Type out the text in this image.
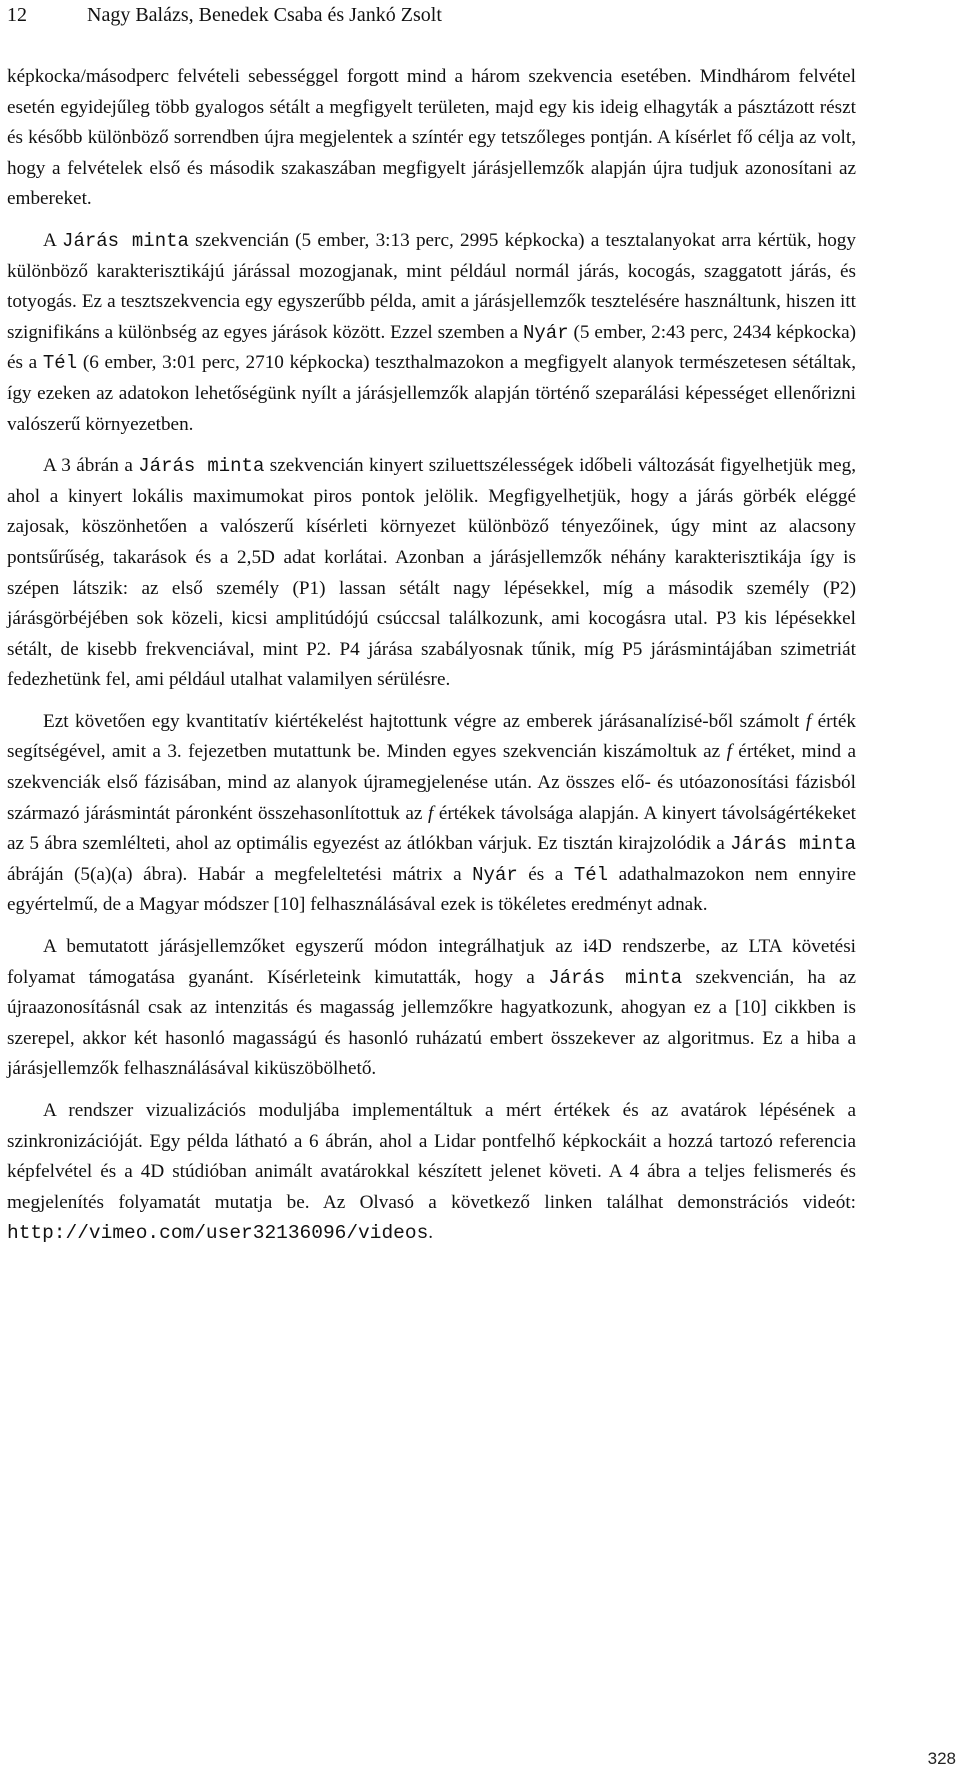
12	Nagy Balázs, Benedek Csaba és Jankó Zsolt

képkocka/másodperc felvételi sebességgel forgott mind a három szekvencia esetében. Mindhárom felvétel esetén egyidejűleg több gyalogos sétált a megfigyelt területen, majd egy kis ideig elhagyták a pásztázott részt és később különböző sorrendben újra megjelentek a színtér egy tetszőleges pontján. A kísérlet fő célja az volt, hogy a felvételek első és második szakaszában megfigyelt járásjellemzők alapján újra tudjuk azonosítani az embereket.

A Járás minta szekvencián (5 ember, 3:13 perc, 2995 képkocka) a tesztalanyokat arra kértük, hogy különböző karakterisztikájú járással mozogjanak, mint például normál járás, kocogás, szaggatott járás, és totyogás. Ez a tesztszekvencia egy egyszerűbb példa, amit a járásjellemzők tesztelésére használtunk, hiszen itt szignifikáns a különbség az egyes járások között. Ezzel szemben a Nyár (5 ember, 2:43 perc, 2434 képkocka) és a Tél (6 ember, 3:01 perc, 2710 képkocka) teszthalmazokon a megfigyelt alanyok természetesen sétáltak, így ezeken az adatokon lehetőségünk nyílt a járásjellemzők alapján történő szeparálási képességet ellenőrizni valószerű környezetben.

A 3 ábrán a Járás minta szekvencián kinyert sziluettszélességek időbeli változását figyelhetjük meg, ahol a kinyert lokális maximumokat piros pontok jelölik. Megfigyelhetjük, hogy a járás görbék eléggé zajosak, köszönhetően a valószerű kísérleti környezet különböző tényezőinek, úgy mint az alacsony pontsűrűség, takarások és a 2,5D adat korlátai. Azonban a járásjellemzők néhány karakterisztikája így is szépen látszik: az első személy (P1) lassan sétált nagy lépésekkel, míg a második személy (P2) járásgörbéjében sok közeli, kicsi amplitúdójú csúccsal találkozunk, ami kocogásra utal. P3 kis lépésekkel sétált, de kisebb frekvenciával, mint P2. P4 járása szabályosnak tűnik, míg P5 járásmintájában szimetriát fedezhetünk fel, ami például utalhat valamilyen sérülésre.

Ezt követően egy kvantitatív kiértékelést hajtottunk végre az emberek járásanalízisé-ből számolt f érték segítségével, amit a 3. fejezetben mutattunk be. Minden egyes szekvencián kiszámoltuk az f értéket, mind a szekvenciák első fázisában, mind az alanyok újramegjelenése után. Az összes elő- és utóazonosítási fázisból származó járásmintát páronként összehasonlítottuk az f értékek távolsága alapján. A kinyert távolságértékeket az 5 ábra szemlélteti, ahol az optimális egyezést az átlókban várjuk. Ez tisztán kirajzolódik a Járás minta ábráján (5(a)(a) ábra). Habár a megfeleltetési mátrix a Nyár és a Tél adathalmazokon nem ennyire egyértelmű, de a Magyar módszer [10] felhasználásával ezek is tökéletes eredményt adnak.

A bemutatott járásjellemzőket egyszerű módon integrálhatjuk az i4D rendszerbe, az LTA követési folyamat támogatása gyanánt. Kísérleteink kimutatták, hogy a Járás minta szekvencián, ha az újraazonosításnál csak az intenzitás és magasság jellemzőkre hagyatkozunk, ahogyan ez a [10] cikkben is szerepel, akkor két hasonló magasságú és hasonló ruházatú embert összekever az algoritmus. Ez a hiba a járásjellemzők felhasználásával kiküszöbölhető.

A rendszer vizualizációs moduljába implementáltuk a mért értékek és az avatárok lépésének a szinkronizációját. Egy példa látható a 6 ábrán, ahol a Lidar pontfelhő képkockáit a hozzá tartozó referencia képfelvétel és a 4D stúdióban animált avatárokkal készített jelenet követi. A 4 ábra a teljes felismerés és megjelenítés folyamatát mutatja be. Az Olvasó a következő linken találhat demonstrációs videót: http://vimeo.com/user32136096/videos.

328
